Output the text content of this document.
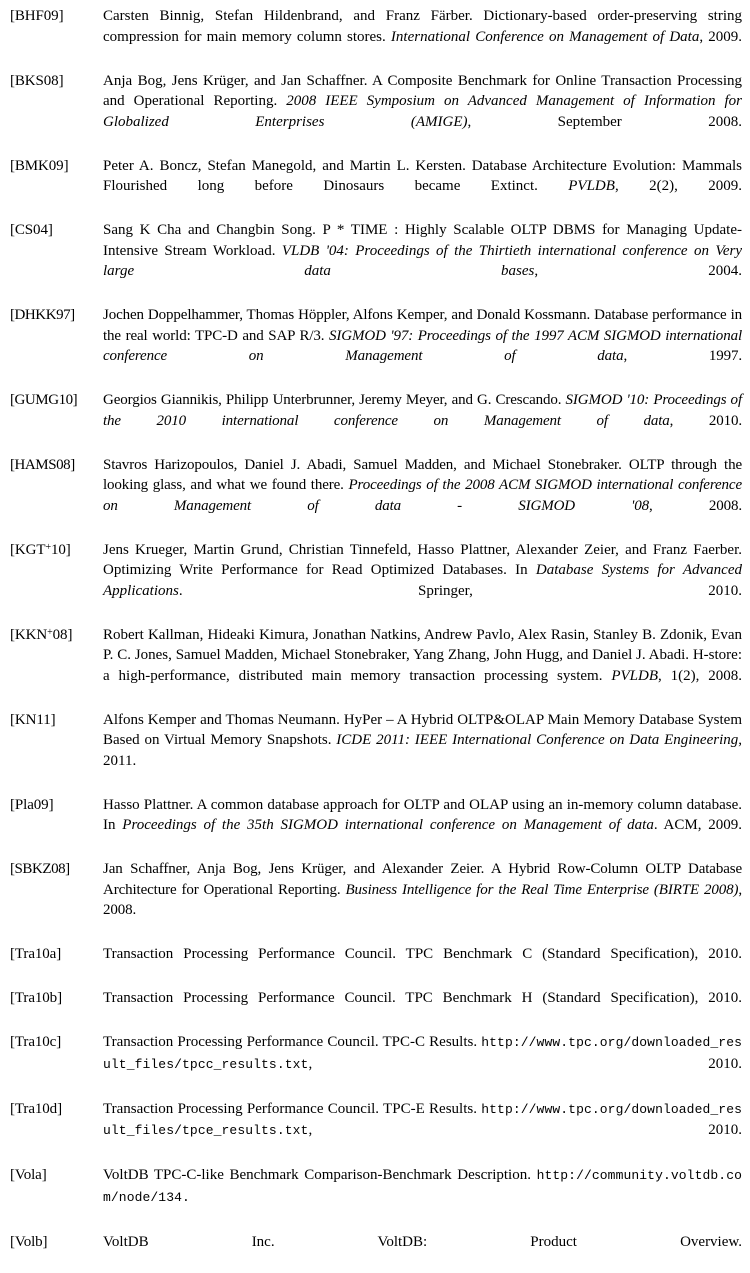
[BHF09]	Carsten Binnig, Stefan Hildenbrand, and Franz Färber. Dictionary-based order-preserving string compression for main memory column stores. International Conference on Management of Data, 2009.
[BKS08]	Anja Bog, Jens Krüger, and Jan Schaffner. A Composite Benchmark for Online Transaction Processing and Operational Reporting. 2008 IEEE Symposium on Advanced Management of Information for Globalized Enterprises (AMIGE), September 2008.
[BMK09]	Peter A. Boncz, Stefan Manegold, and Martin L. Kersten. Database Architecture Evolution: Mammals Flourished long before Dinosaurs became Extinct. PVLDB, 2(2), 2009.
[CS04]	Sang K Cha and Changbin Song. P * TIME : Highly Scalable OLTP DBMS for Managing Update-Intensive Stream Workload. VLDB '04: Proceedings of the Thirtieth international conference on Very large data bases, 2004.
[DHKK97]	Jochen Doppelhammer, Thomas Höppler, Alfons Kemper, and Donald Kossmann. Database performance in the real world: TPC-D and SAP R/3. SIGMOD '97: Proceedings of the 1997 ACM SIGMOD international conference on Management of data, 1997.
[GUMG10]	Georgios Giannikis, Philipp Unterbrunner, Jeremy Meyer, and G. Crescando. SIGMOD '10: Proceedings of the 2010 international conference on Management of data, 2010.
[HAMS08]	Stavros Harizopoulos, Daniel J. Abadi, Samuel Madden, and Michael Stonebraker. OLTP through the looking glass, and what we found there. Proceedings of the 2008 ACM SIGMOD international conference on Management of data - SIGMOD '08, 2008.
[KGT+10]	Jens Krueger, Martin Grund, Christian Tinnefeld, Hasso Plattner, Alexander Zeier, and Franz Faerber. Optimizing Write Performance for Read Optimized Databases. In Database Systems for Advanced Applications. Springer, 2010.
[KKN+08]	Robert Kallman, Hideaki Kimura, Jonathan Natkins, Andrew Pavlo, Alex Rasin, Stanley B. Zdonik, Evan P. C. Jones, Samuel Madden, Michael Stonebraker, Yang Zhang, John Hugg, and Daniel J. Abadi. H-store: a high-performance, distributed main memory transaction processing system. PVLDB, 1(2), 2008.
[KN11]	Alfons Kemper and Thomas Neumann. HyPer – A Hybrid OLTP&OLAP Main Memory Database System Based on Virtual Memory Snapshots. ICDE 2011: IEEE International Conference on Data Engineering, 2011.
[Pla09]	Hasso Plattner. A common database approach for OLTP and OLAP using an in-memory column database. In Proceedings of the 35th SIGMOD international conference on Management of data. ACM, 2009.
[SBKZ08]	Jan Schaffner, Anja Bog, Jens Krüger, and Alexander Zeier. A Hybrid Row-Column OLTP Database Architecture for Operational Reporting. Business Intelligence for the Real Time Enterprise (BIRTE 2008), 2008.
[Tra10a]	Transaction Processing Performance Council. TPC Benchmark C (Standard Specification), 2010.
[Tra10b]	Transaction Processing Performance Council. TPC Benchmark H (Standard Specification), 2010.
[Tra10c]	Transaction Processing Performance Council. TPC-C Results. http://www.tpc.org/downloaded_result_files/tpcc_results.txt, 2010.
[Tra10d]	Transaction Processing Performance Council. TPC-E Results. http://www.tpc.org/downloaded_result_files/tpce_results.txt, 2010.
[Vola]	VoltDB TPC-C-like Benchmark Comparison-Benchmark Description. http://community.voltdb.com/node/134.
[Volb]	VoltDB Inc. VoltDB: Product Overview.
